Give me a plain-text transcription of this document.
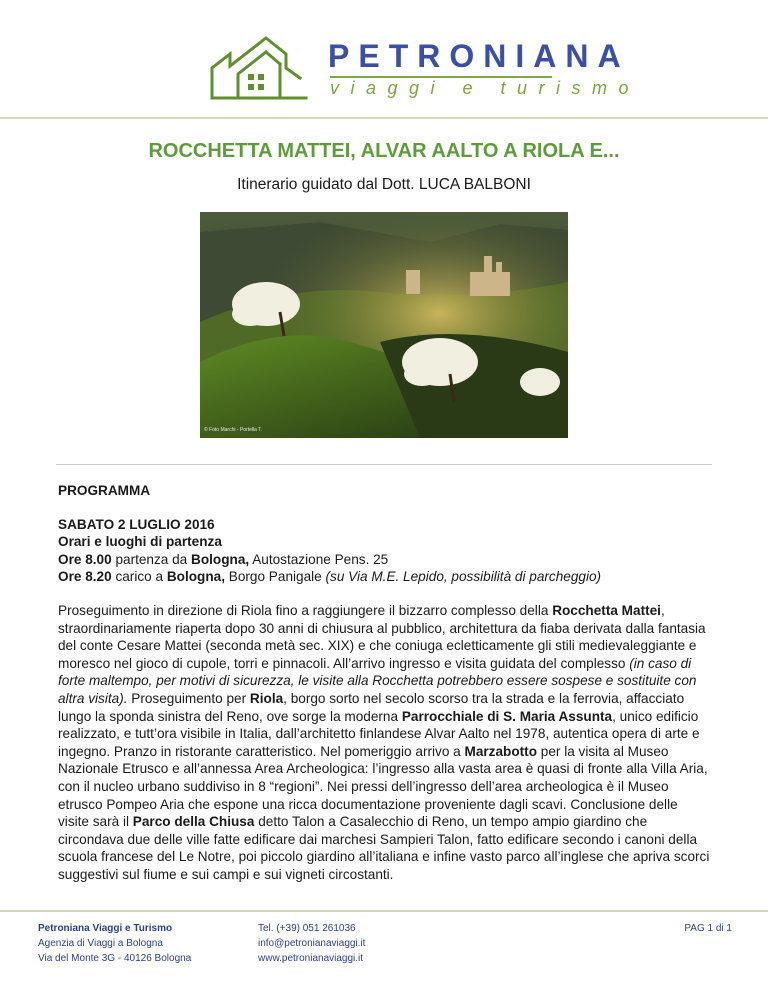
PETRONIANA
viaggi e turismo
ROCCHETTA MATTEI, ALVAR AALTO A RIOLA E...
Itinerario guidato dal Dott. LUCA BALBONI
© Foto Marchi - Portella T.

PROGRAMMA

SABATO 2 LUGLIO 2016

Orari e luoghi di partenza

Ore 8.00 partenza da Bologna, Autostazione Pens. 25

Ore 8.20 carico a Bologna, Borgo Panigale (su Via M.E. Lepido, possibilità di parcheggio)

Proseguimento in direzione di Riola fino a raggiungere il bizzarro complesso della Rocchetta Mattei, straordinariamente riaperta dopo 30 anni di chiusura al pubblico, architettura da fiaba derivata dalla fantasia del conte Cesare Mattei (seconda metà sec. XIX) e che coniuga ecletticamente gli stili medievaleggiante e moresco nel gioco di cupole, torri e pinnacoli. All’arrivo ingresso e visita guidata del complesso (in caso di forte maltempo, per motivi di sicurezza, le visite alla Rocchetta potrebbero essere sospese e sostituite con altra visita). Proseguimento per Riola, borgo sorto nel secolo scorso tra la strada e la ferrovia, affacciato lungo la sponda sinistra del Reno, ove sorge la moderna Parrocchiale di S. Maria Assunta, unico edificio realizzato, e tutt’ora visibile in Italia, dall’architetto finlandese Alvar Aalto nel 1978, autentica opera di arte e ingegno. Pranzo in ristorante caratteristico. Nel pomeriggio arrivo a Marzabotto per la visita al Museo Nazionale Etrusco e all’annessa Area Archeologica: l’ingresso alla vasta area è quasi di fronte alla Villa Aria, con il nucleo urbano suddiviso in 8 “regioni”. Nei pressi dell’ingresso dell’area archeologica è il Museo etrusco Pompeo Aria che espone una ricca documentazione proveniente dagli scavi. Conclusione delle visite sarà il Parco della Chiusa detto Talon a Casalecchio di Reno, un tempo ampio giardino che circondava due delle ville fatte edificare dai marchesi Sampieri Talon, fatto edificare secondo i canoni della scuola francese del Le Notre, poi piccolo giardino all’italiana e infine vasto parco all’inglese che apriva scorci suggestivi sul fiume e sui campi e sui vigneti circostanti.

Petroniana Viaggi e Turismo
Agenzia di Viaggi a Bologna
Via del Monte 3G - 40126 Bologna
Tel. (+39) 051 261036
info@petronianaviaggi.it
www.petronianaviaggi.it
PAG 1 di 1
